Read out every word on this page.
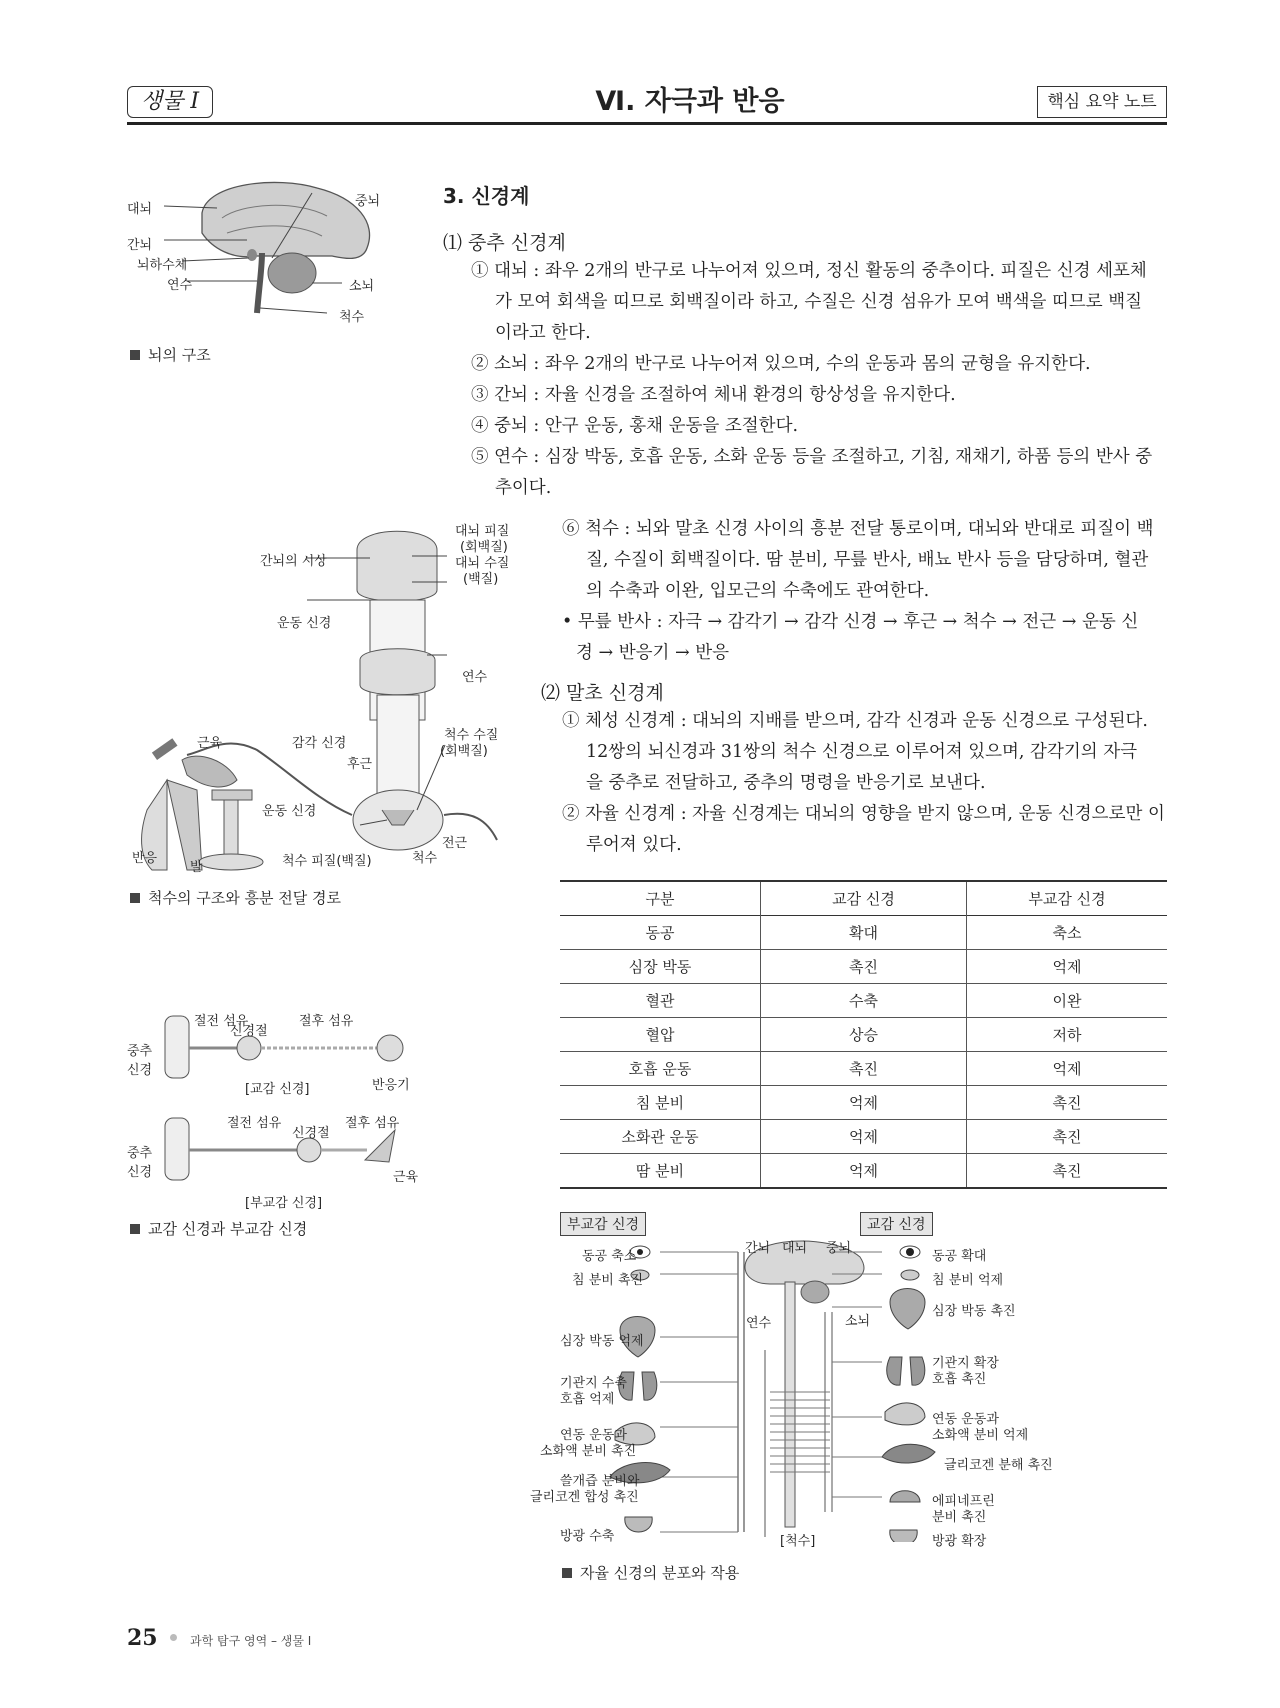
생물 I	Ⅵ. 자극과 반응	핵심 요약 노트
대뇌
중뇌
간뇌
뇌하수체
소뇌
연수
척수
뇌의 구조
3. 신경계
⑴ 중추 신경계
① 대뇌 : 좌우 2개의 반구로 나누어져 있으며, 정신 활동의 중추이다. 피질은 신경 세포체
가 모여 회색을 띠므로 회백질이라 하고, 수질은 신경 섬유가 모여 백색을 띠므로 백질
이라고 한다.
② 소뇌 : 좌우 2개의 반구로 나누어져 있으며, 수의 운동과 몸의 균형을 유지한다.
③ 간뇌 : 자율 신경을 조절하여 체내 환경의 항상성을 유지한다.
④ 중뇌 : 안구 운동, 홍채 운동을 조절한다.
⑤ 연수 : 심장 박동, 호흡 운동, 소화 운동 등을 조절하고, 기침, 재채기, 하품 등의 반사 중
추이다.
⑥ 척수 : 뇌와 말초 신경 사이의 흥분 전달 통로이며, 대뇌와 반대로 피질이 백
질, 수질이 회백질이다. 땀 분비, 무릎 반사, 배뇨 반사 등을 담당하며, 혈관
의 수축과 이완, 입모근의 수축에도 관여한다.
• 무릎 반사 : 자극 → 감각기 → 감각 신경 → 후근 → 척수 → 전근 → 운동 신
경 → 반응기 → 반응
⑵ 말초 신경계
① 체성 신경계 : 대뇌의 지배를 받으며, 감각 신경과 운동 신경으로 구성된다.
12쌍의 뇌신경과 31쌍의 척수 신경으로 이루어져 있으며, 감각기의 자극
을 중추로 전달하고, 중추의 명령을 반응기로 보낸다.
② 자율 신경계 : 자율 신경계는 대뇌의 영향을 받지 않으며, 운동 신경으로만 이
루어져 있다.
대뇌 피질
(회백질)
대뇌 수질
(백질)
간뇌의 시상
운동 신경
연수
근육	감각 신경
척수 수질
(회백질)
후근
운동 신경
전근
반응
발	척수 피질(백질)	척수
척수의 구조와 흥분 전달 경로	구분	교감 신경	부교감 신경
동공	확대	축소
심장 박동	촉진	억제
혈관	수축	이완
혈압	상승	저하
호흡 운동	촉진	억제
침 분비	억제	촉진
소화관 운동	억제	촉진
땀 분비	억제	촉진
절전 섬유
신경절
절후 섬유
중추 신경
반응기
[교감 신경]
절전 섬유
신경절
절후 섬유
중추 신경	근육
[부교감 신경]
교감 신경과 부교감 신경	부교감 신경	교감 신경
간뇌 대뇌 중뇌
연수	소뇌
[척수]
동공 축소
침 분비 촉진
심장 박동 억제
기관지 수축
호흡 억제
연동 운동과
소화액 분비 촉진
쓸개즙 분비와
글리코겐 합성 촉진
방광 수축
동공 확대
침 분비 억제
심장 박동 촉진
기관지 확장
호흡 촉진
연동 운동과
소화액 분비 억제
글리코겐 분해 촉진
에피네프린
분비 촉진
방광 확장
자율 신경의 분포와 작용
25	과학 탐구 영역 – 생물 I
